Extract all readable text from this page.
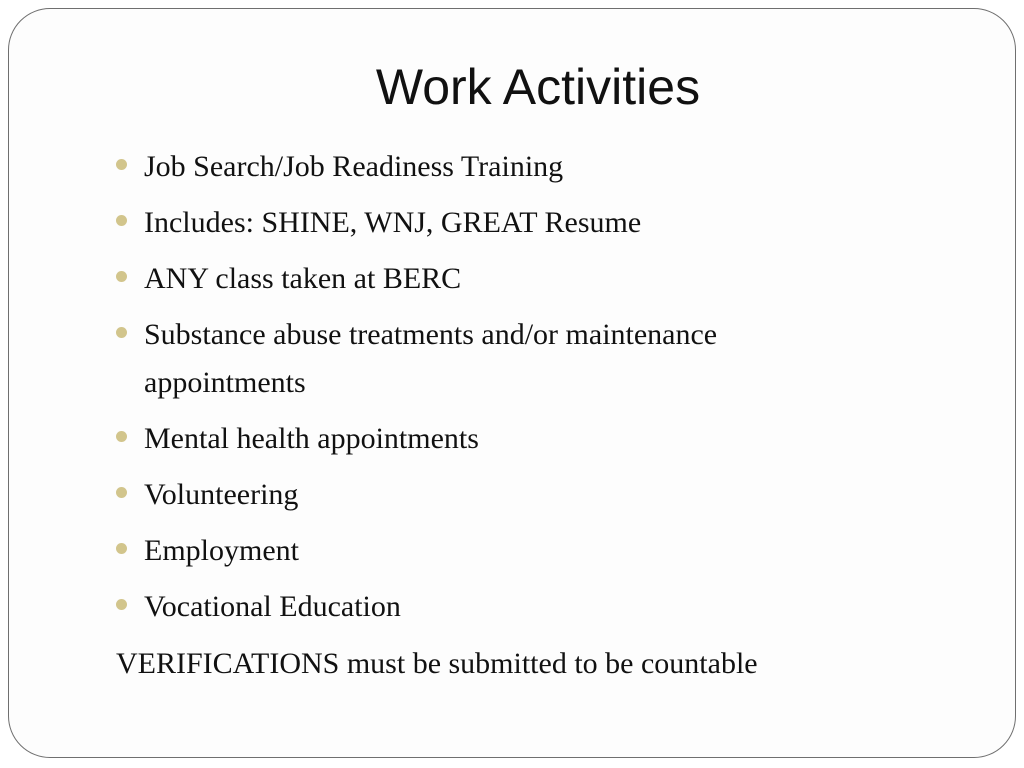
Work Activities
Job Search/Job Readiness Training
Includes: SHINE, WNJ, GREAT Resume
ANY class taken at BERC
Substance abuse treatments and/or maintenance appointments
Mental health appointments
Volunteering
Employment
Vocational Education
VERIFICATIONS must be submitted to be countable
